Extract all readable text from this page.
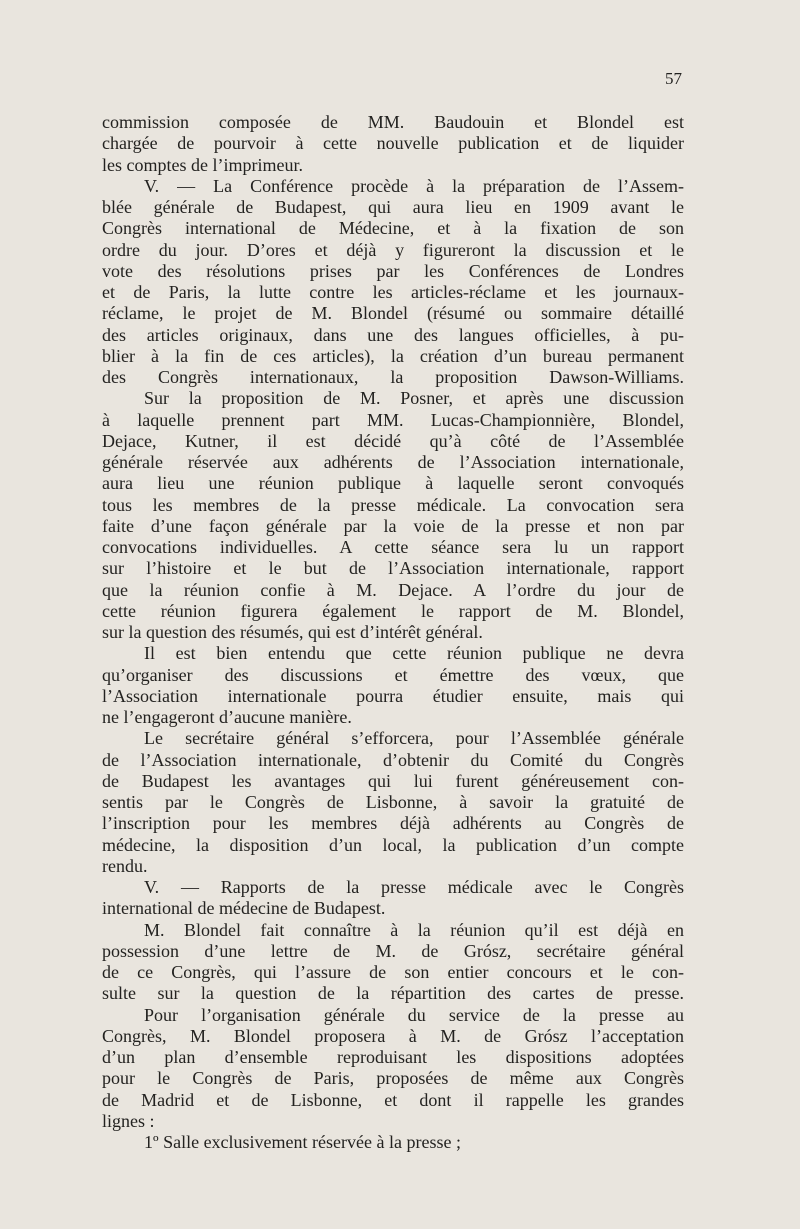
57

commission composée de MM. Baudouin et Blondel est
chargée de pourvoir à cette nouvelle publication et de liquider
les comptes de l’imprimeur.
V. — La Conférence procède à la préparation de l’Assem-
blée générale de Budapest, qui aura lieu en 1909 avant le
Congrès international de Médecine, et à la fixation de son
ordre du jour. D’ores et déjà y figureront la discussion et le
vote des résolutions prises par les Conférences de Londres
et de Paris, la lutte contre les articles-réclame et les journaux-
réclame, le projet de M. Blondel (résumé ou sommaire détaillé
des articles originaux, dans une des langues officielles, à pu-
blier à la fin de ces articles), la création d’un bureau permanent
des Congrès internationaux, la proposition Dawson-Williams.
Sur la proposition de M. Posner, et après une discussion
à laquelle prennent part MM. Lucas-Championnière, Blondel,
Dejace, Kutner, il est décidé qu’à côté de l’Assemblée
générale réservée aux adhérents de l’Association internationale,
aura lieu une réunion publique à laquelle seront convoqués
tous les membres de la presse médicale. La convocation sera
faite d’une façon générale par la voie de la presse et non par
convocations individuelles. A cette séance sera lu un rapport
sur l’histoire et le but de l’Association internationale, rapport
que la réunion confie à M. Dejace. A l’ordre du jour de
cette réunion figurera également le rapport de M. Blondel,
sur la question des résumés, qui est d’intérêt général.
Il est bien entendu que cette réunion publique ne devra
qu’organiser des discussions et émettre des vœux, que
l’Association internationale pourra étudier ensuite, mais qui
ne l’engageront d’aucune manière.
Le secrétaire général s’efforcera, pour l’Assemblée générale
de l’Association internationale, d’obtenir du Comité du Congrès
de Budapest les avantages qui lui furent généreusement con-
sentis par le Congrès de Lisbonne, à savoir la gratuité de
l’inscription pour les membres déjà adhérents au Congrès de
médecine, la disposition d’un local, la publication d’un compte
rendu.
V. — Rapports de la presse médicale avec le Congrès
international de médecine de Budapest.
M. Blondel fait connaître à la réunion qu’il est déjà en
possession d’une lettre de M. de Grósz, secrétaire général
de ce Congrès, qui l’assure de son entier concours et le con-
sulte sur la question de la répartition des cartes de presse.
Pour l’organisation générale du service de la presse au
Congrès, M. Blondel proposera à M. de Grósz l’acceptation
d’un plan d’ensemble reproduisant les dispositions adoptées
pour le Congrès de Paris, proposées de même aux Congrès
de Madrid et de Lisbonne, et dont il rappelle les grandes
lignes :
1º Salle exclusivement réservée à la presse ;
